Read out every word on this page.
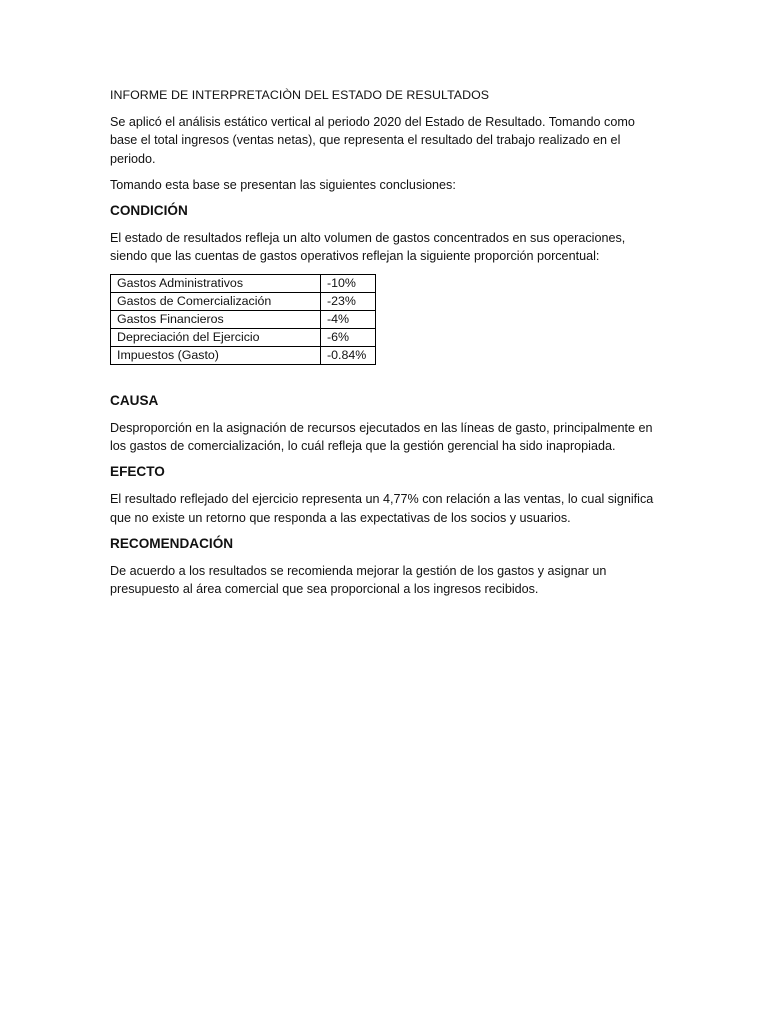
INFORME DE INTERPRETACIÒN DEL ESTADO DE RESULTADOS

Se aplicó el análisis estático vertical al periodo 2020 del Estado de Resultado. Tomando como base el total ingresos (ventas netas), que representa el resultado del trabajo realizado en el periodo.

Tomando esta base se presentan las siguientes conclusiones:

CONDICIÓN

El estado de resultados refleja un alto volumen de gastos concentrados en sus operaciones, siendo que las cuentas de gastos operativos reflejan la siguiente proporción porcentual:

Gastos Administrativos	-10%
Gastos de Comercialización	-23%
Gastos Financieros	-4%
Depreciación del Ejercicio	-6%
Impuestos (Gasto)	-0.84%
CAUSA

Desproporción en la asignación de recursos ejecutados en las líneas de gasto, principalmente en los gastos de comercialización, lo cuál refleja que la gestión gerencial ha sido inapropiada.

EFECTO

El resultado reflejado del ejercicio representa un 4,77% con relación a las ventas, lo cual significa que no existe un retorno que responda a las expectativas de los socios y usuarios.

RECOMENDACIÓN

De acuerdo a los resultados se recomienda mejorar la gestión de los gastos y asignar un presupuesto al área comercial que sea proporcional a los ingresos recibidos.
